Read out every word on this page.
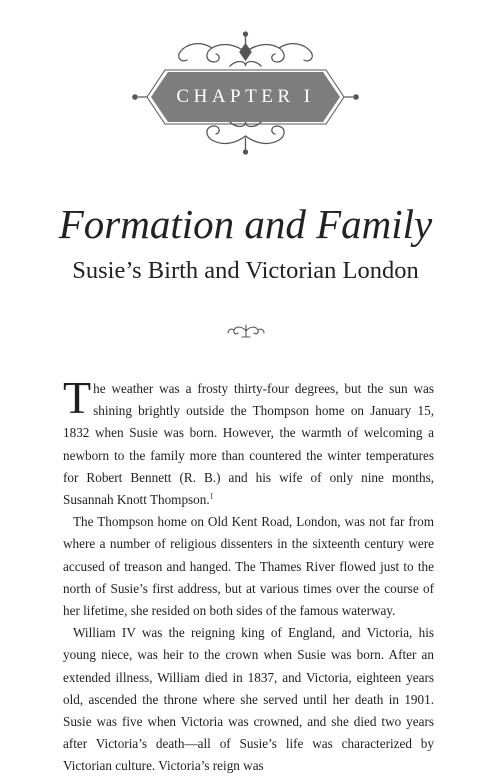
CHAPTER I
Formation and Family
Susie’s Birth and Victorian London

The weather was a frosty thirty-four degrees, but the sun was shining brightly outside the Thompson home on January 15, 1832 when Susie was born. However, the warmth of welcoming a newborn to the family more than countered the winter temperatures for Robert Bennett (R. B.) and his wife of only nine months, Susannah Knott Thompson.$^1$

The Thompson home on Old Kent Road, London, was not far from where a number of religious dissenters in the sixteenth century were accused of treason and hanged. The Thames River flowed just to the north of Susie’s first address, but at various times over the course of her lifetime, she resided on both sides of the famous waterway.

William IV was the reigning king of England, and Victoria, his young niece, was heir to the crown when Susie was born. After an extended illness, William died in 1837, and Victoria, eighteen years old, ascended the throne where she served until her death in 1901. Susie was five when Victoria was crowned, and she died two years after Victoria’s death—all of Susie’s life was characterized by Victorian culture. Victoria’s reign was
